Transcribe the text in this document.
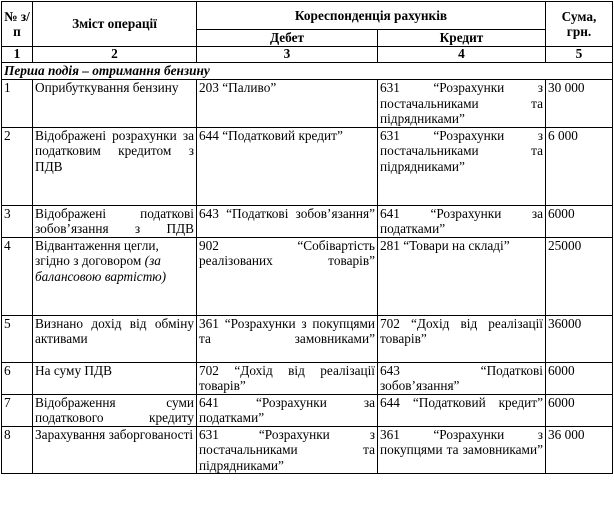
№ з/п	Зміст операції	Кореспонденція рахунків		Сума, грн.
		Дебет	Кредит	
1	2	3	4	5
Перша подія – отримання бензину				
1	Оприбуткування бензину	203 “Паливо”	631 “Розрахунки з постачальниками та підрядниками”	30 000
2	Відображені розрахунки за податковим кредитом з ПДВ	644 “Податковий кредит”	631 “Розрахунки з постачальниками та підрядниками”	6 000
3	Відображені податкові зобов’язання з ПДВ	643 “Податкові зобов’язання”	641 “Розрахунки за податками”	6000
4	Відвантаження цегли, згідно з договором (за балансовою вартістю)	902 “Собівартість реалізованих товарів”	281 “Товари на складі”	25000
5	Визнано дохід від обміну активами	361 “Розрахунки з покупцями та замовниками”	702 “Дохід від реалізації товарів”	36000
6	На суму ПДВ	702 “Дохід від реалізації товарів”	643 “Податкові зобов’язання”	6000
7	Відображення суми податкового кредиту	641 “Розрахунки за податками”	644 “Податковий кредит”	6000
8	Зарахування заборгованості	631 “Розрахунки з постачальниками та підрядниками”	361 “Розрахунки з покупцями та замовниками”	36 000
